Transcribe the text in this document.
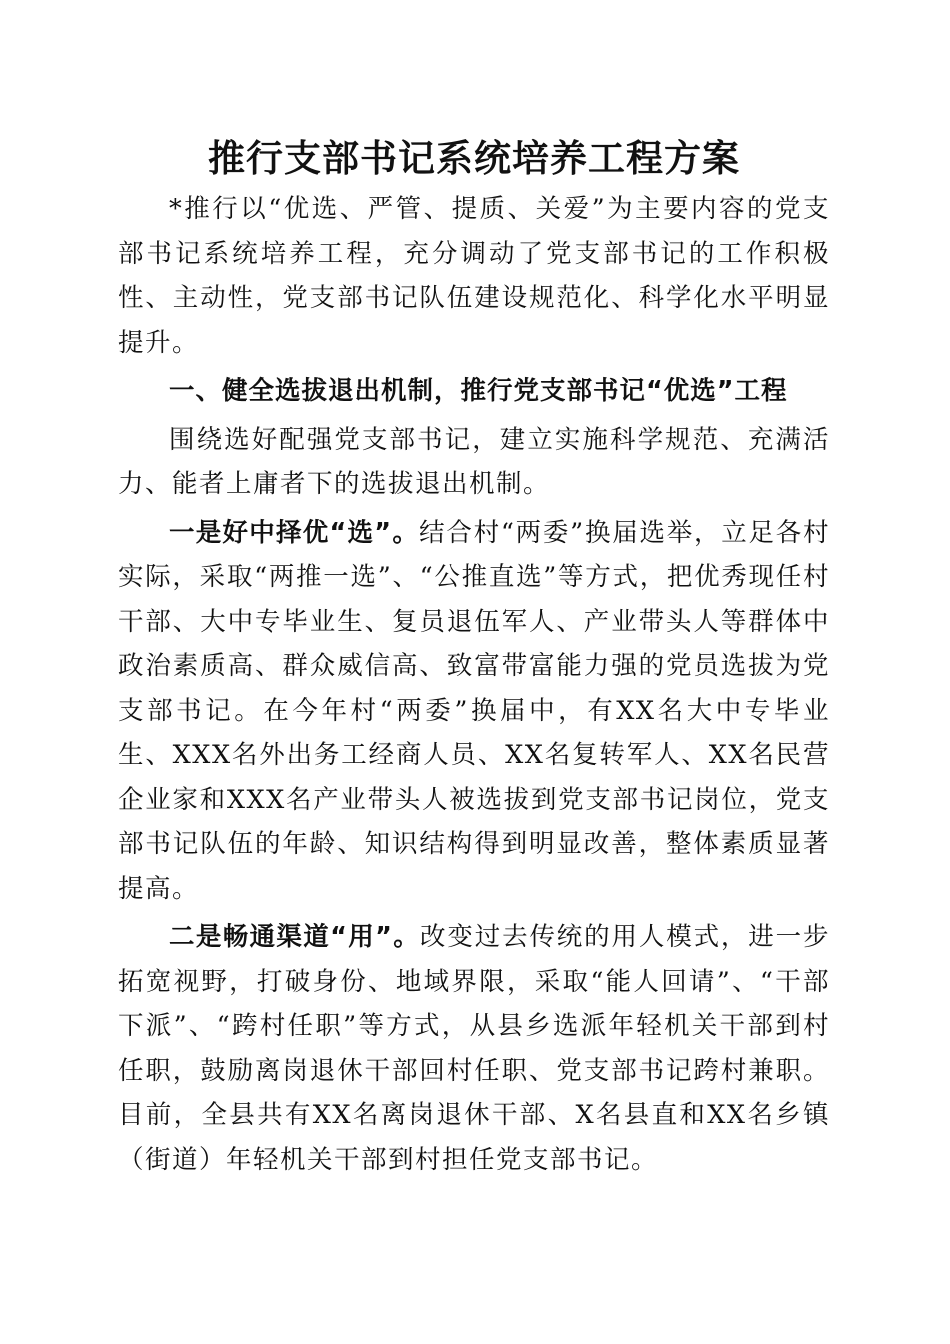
推行支部书记系统培养工程方案

*推行以“优选、严管、提质、关爱”为主要内容的党支部书记系统培养工程，充分调动了党支部书记的工作积极性、主动性，党支部书记队伍建设规范化、科学化水平明显提升。

一、健全选拔退出机制，推行党支部书记“优选”工程

围绕选好配强党支部书记，建立实施科学规范、充满活力、能者上庸者下的选拔退出机制。

一是好中择优“选”。结合村“两委”换届选举，立足各村实际，采取“两推一选”、“公推直选”等方式，把优秀现任村干部、大中专毕业生、复员退伍军人、产业带头人等群体中政治素质高、群众威信高、致富带富能力强的党员选拔为党支部书记。在今年村“两委”换届中，有XX名大中专毕业生、XXX名外出务工经商人员、XX名复转军人、XX名民营企业家和XXX名产业带头人被选拔到党支部书记岗位，党支部书记队伍的年龄、知识结构得到明显改善，整体素质显著提高。

二是畅通渠道“用”。改变过去传统的用人模式，进一步拓宽视野，打破身份、地域界限，采取“能人回请”、“干部下派”、“跨村任职”等方式，从县乡选派年轻机关干部到村任职，鼓励离岗退休干部回村任职、党支部书记跨村兼职。目前，全县共有XX名离岗退休干部、X名县直和XX名乡镇（街道）年轻机关干部到村担任党支部书记。
